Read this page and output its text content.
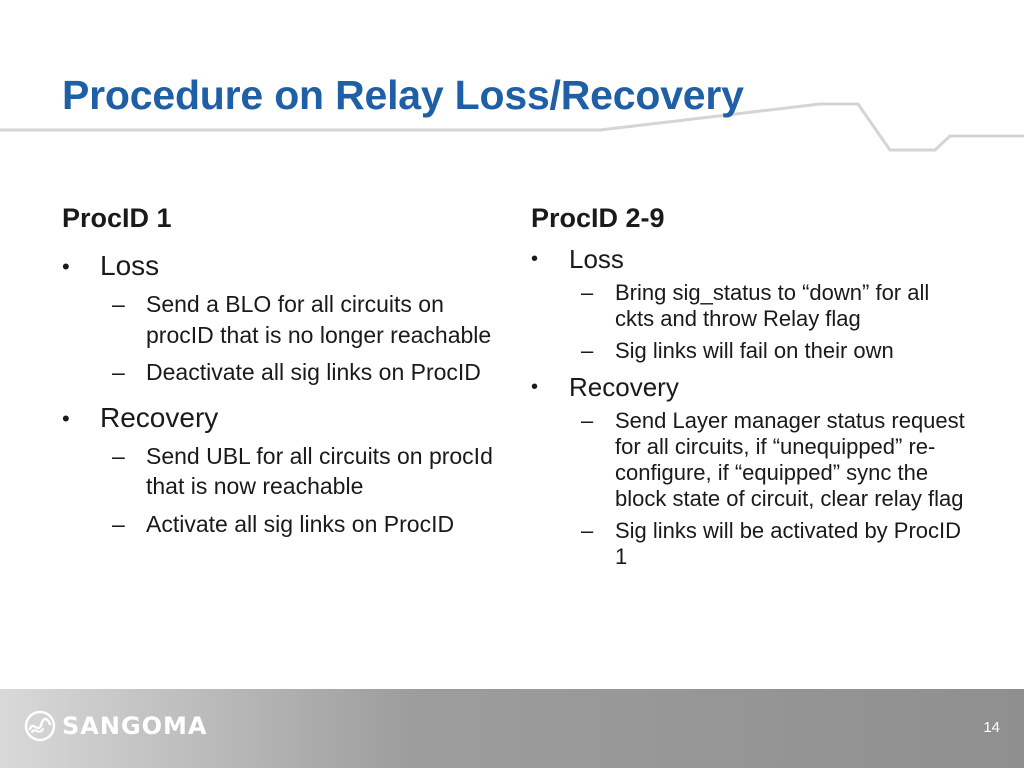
Procedure on Relay Loss/Recovery
ProcID 1
• Loss
– Send a BLO for all circuits on procID that is no longer reachable
– Deactivate all sig links on ProcID
• Recovery
– Send UBL for all circuits on procId that is now reachable
– Activate all sig links on ProcID
ProcID 2-9
• Loss
– Bring sig_status to “down” for all ckts and throw Relay flag
– Sig links will fail on their own
• Recovery
– Send Layer manager status request for all circuits, if “unequipped” re-configure, if “equipped” sync the block state of circuit, clear relay flag
– Sig links will be activated by ProcID 1
SANGOMA	14
